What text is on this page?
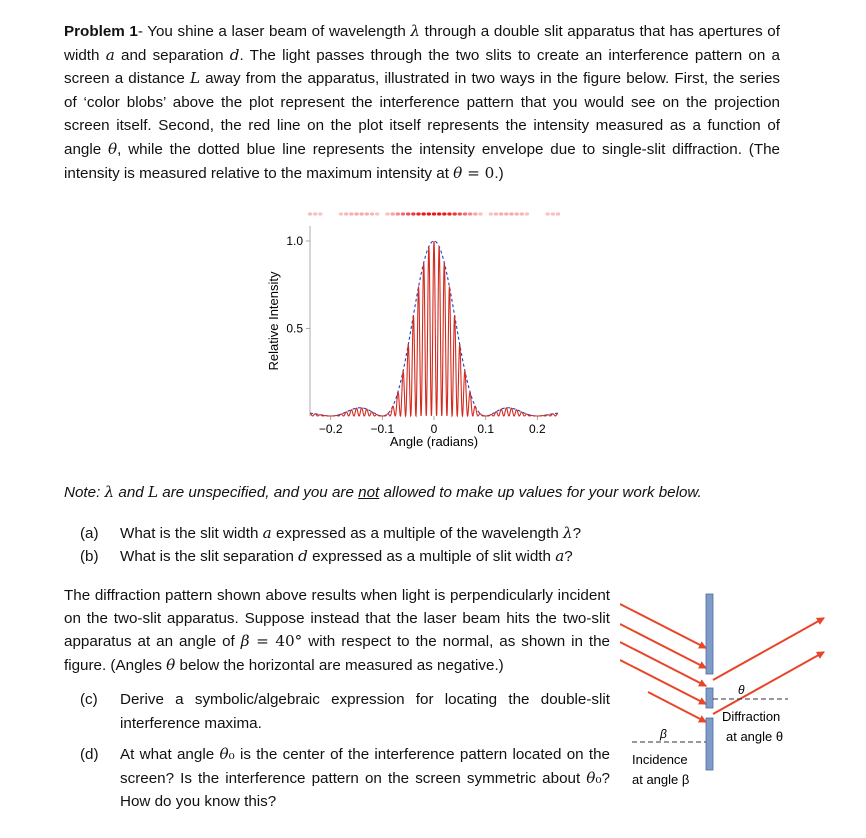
Problem 1- You shine a laser beam of wavelength λ through a double slit apparatus that has apertures of width a and separation d. The light passes through the two slits to create an interference pattern on a screen a distance L away from the apparatus, illustrated in two ways in the figure below. First, the series of ‘color blobs’ above the plot represent the interference pattern that you would see on the projection screen itself. Second, the red line on the plot itself represents the intensity measured as a function of angle θ, while the dotted blue line represents the intensity envelope due to single-slit diffraction. (The intensity is measured relative to the maximum intensity at θ = 0.)
1.0
0.5
−0.2 −0.1	0	0.1	0.2
Angle (radians)
Relative Intensity
Note: λ and L are unspecified, and you are not allowed to make up values for your work below.
(a)	What is the slit width a expressed as a multiple of the wavelength λ?
(b)	What is the slit separation d expressed as a multiple of slit width a?
The diffraction pattern shown above results when light is perpendicularly incident on the two-slit apparatus. Suppose instead that the laser beam hits the two-slit apparatus at an angle of β = 40° with respect to the normal, as shown in the figure. (Angles θ below the horizontal are measured as negative.)
(c)	Derive a symbolic/algebraic expression for locating the double-slit interference maxima.
(d)	At what angle θ₀ is the center of the interference pattern located on the screen? Is the interference pattern on the screen symmetric about θ₀? How do you know this?
θ
β
Diffraction
at angle θ
Incidence
at angle β
